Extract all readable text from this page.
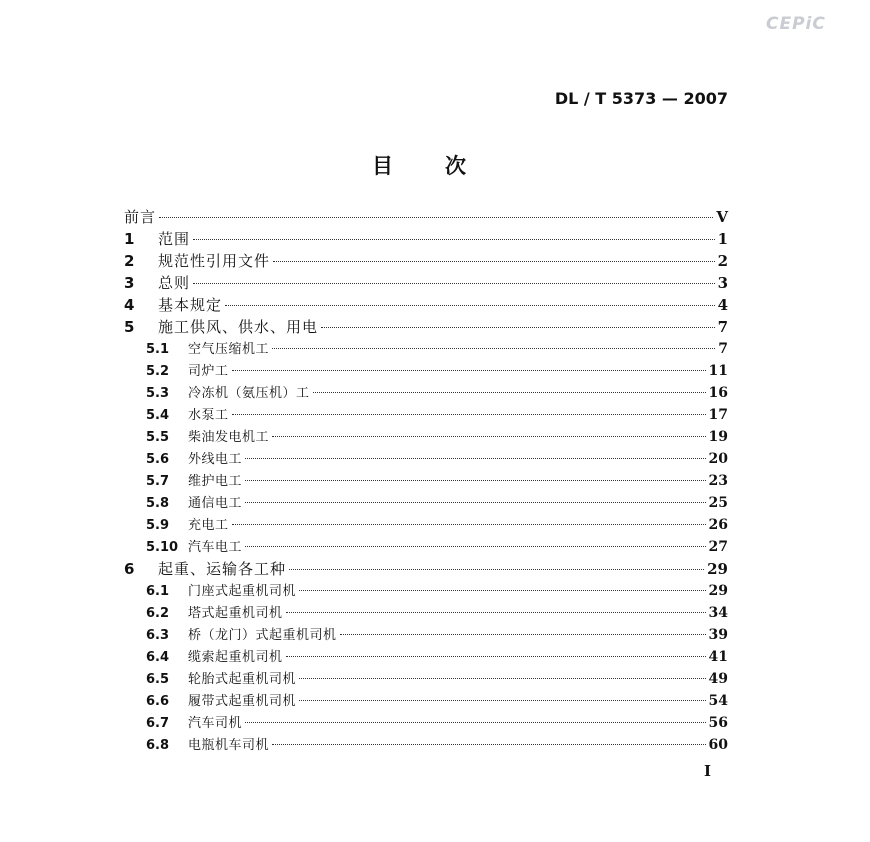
CEPiC
DL / T 5373 — 2007
目次
前言	V
1	范围	1
2	规范性引用文件	2
3	总则	3
4	基本规定	4
5	施工供风、供水、用电	7
5.1	空气压缩机工	7
5.2	司炉工	11
5.3	冷冻机（氨压机）工	16
5.4	水泵工	17
5.5	柴油发电机工	19
5.6	外线电工	20
5.7	维护电工	23
5.8	通信电工	25
5.9	充电工	26
5.10 汽车电工	27
6	起重、运输各工种	29
6.1	门座式起重机司机	29
6.2	塔式起重机司机	34
6.3	桥（龙门）式起重机司机	39
6.4	缆索起重机司机	41
6.5	轮胎式起重机司机	49
6.6	履带式起重机司机	54
6.7	汽车司机	56
6.8	电瓶机车司机	60
I
